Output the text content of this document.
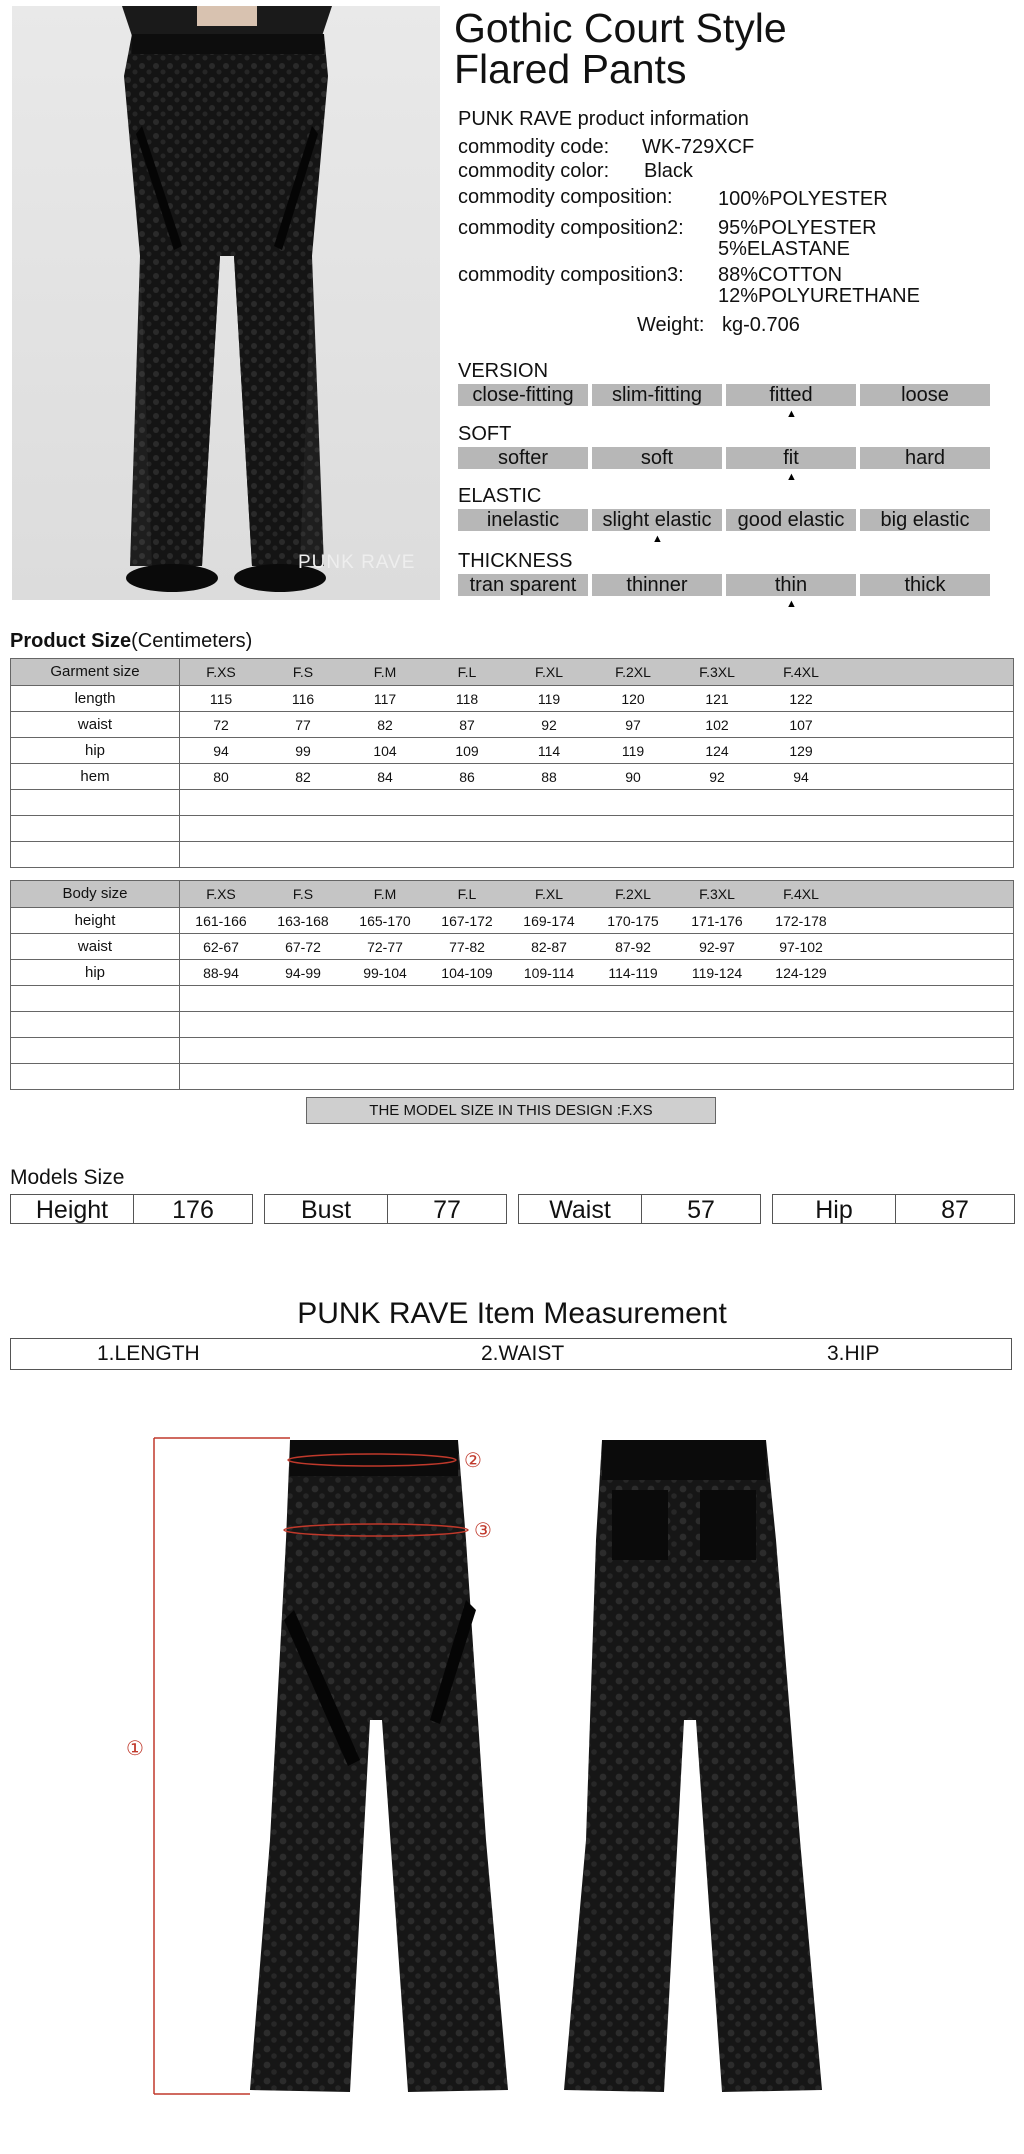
PUNK RAVE
Gothic Court Style
Flared Pants
PUNK RAVE product information
commodity code: WK-729XCF
commodity color: Black
commodity composition: 100%POLYESTER
commodity composition2: 95%POLYESTER
5%ELASTANE
commodity composition3: 88%COTTON
12%POLYURETHANE
Weight: kg-0.706
VERSION
close-fitting	slim-fitting	fitted	loose
▲
SOFT
softer	soft	fit	hard
▲
ELASTIC
inelastic	slight elastic	good elastic	big elastic
▲
THICKNESS
tran sparent	thinner	thin	thick
▲
Product Size(Centimeters)
Garment size	F.XS	F.S	F.M	F.L	F.XL	F.2XL	F.3XL	F.4XL
length	115	116	117	118	119	120	121	122
waist	72	77	82	87	92	97	102	107
hip	94	99	104	109	114	119	124	129
hem	80	82	84	86	88	90	92	94
Body size	F.XS	F.S	F.M	F.L	F.XL	F.2XL	F.3XL	F.4XL
height	161-166	163-168	165-170	167-172	169-174	170-175	171-176	172-178
waist	62-67	67-72	72-77	77-82	82-87	87-92	92-97	97-102
hip	88-94	94-99	99-104	104-109	109-114	114-119	119-124	124-129
THE MODEL SIZE IN THIS DESIGN :F.XS
Models Size
Height	176	Bust	77	Waist	57	Hip	87
PUNK RAVE Item Measurement
1.LENGTH	2.WAIST	3.HIP
①
②
③
